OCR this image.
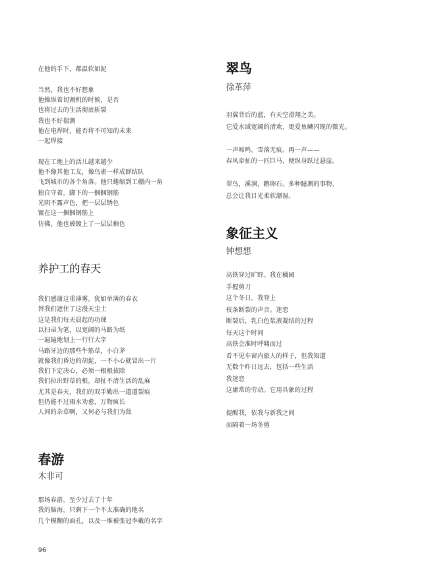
在他的手下，都温软如泥
当然，我也不好想象
他操纵着切割机的时候，是否
也将过去的生活彻底斩裂
我也不好揣测
他在电焊时，能否将不可知的未来
一起焊接
现在工地上的活儿越来越少
他不像其他工友，像鸟雀一样成群结队
飞到城市的各个角落。他只蜷缩到工棚内一角
独自守着，脚下的一捆捆钢筋
光阴不露声色，把一层层锈色
镀在这一捆捆钢筋上
仿佛，他也被镀上了一层层釉色
养护工的春天
我们感谢这重薄雾，犹如单薄的春衣
替我们遮住了这漫天尘土
这是我们每天晨起的功课
以扫帚为笔，以宽阔的马路为纸
一遍遍地划上一行行大字
马路牙边的那些牛筋草，小白茅
就像我们昏边的胡髭，一不小心就冒出一片
我们下定决心，必须一根根拔除
我们拉出野草的根，却扯不清生活的乱麻
尤其是春天，我们的双手勤出一道道裂痕
但仍能不过雨水劝愈，万物疯长
人间的杂草啊，又何必与我们为敌
春游
木非可
那场春游，至少过去了十年
我的脑海，只剩下一个不太准确的地名
几个模糊的面孔，以及一堆被张冠李戴的名字
96
翠鸟
徐革萍
羽翼背后的蓝，有天空滑翔之美。
它爱水域宽阔的清欢，更爱鱼鳞闪现的微光。
一声啼鸣，雪落无痕。再一声——
春风牵扯的一匹巨马，便纵身跃过悬崖。
翠鸟，溪涧，鹅卵石。多种臆测的事物，
总会让我目光柔软潮湿。
象征主义
钟想想
高铁穿过旷野。我在橘园
手握剪刀
这个冬日，我登上
枝条断裂的声音。迷恋
断裂后，乳白色浆液凝结的过程
每天这个时间
高铁会准时呼啸而过
看不见车窗内旅人的样子，但我知道
无数个昨日远去，包括一些生活
我迷恋
这庸常的劳动。它用具象的过程
提醒我，依我与新我之间
而隔着一场冬剪
